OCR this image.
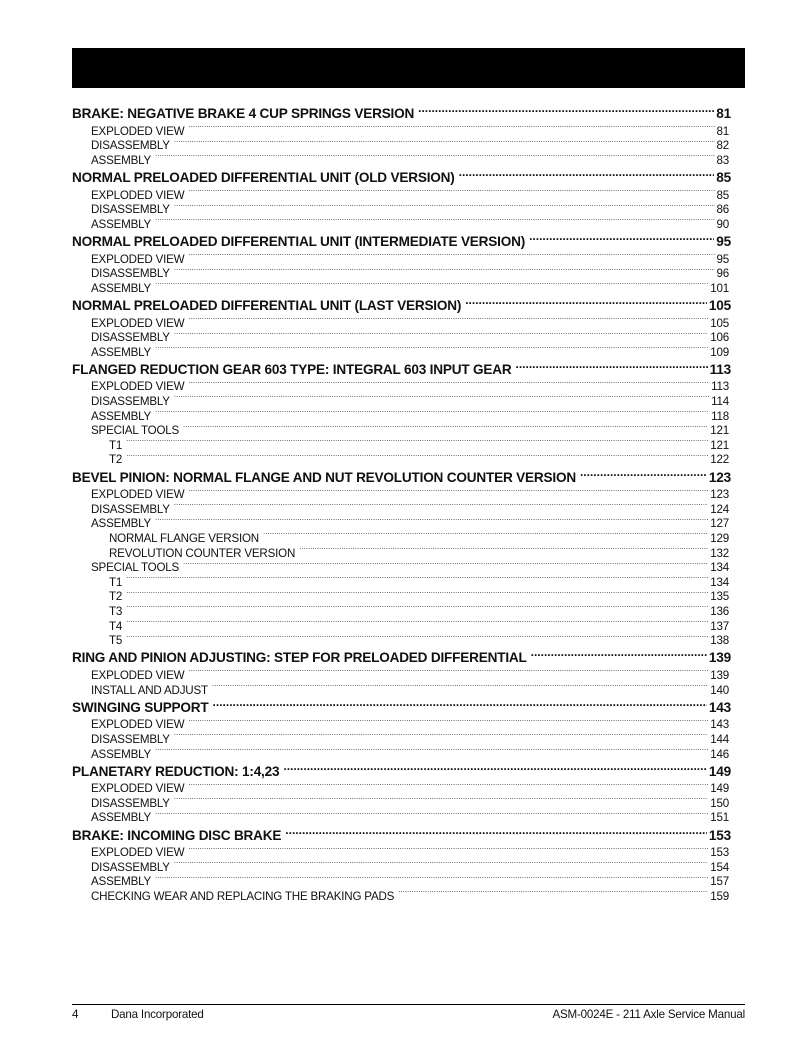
BRAKE: NEGATIVE BRAKE 4 CUP SPRINGS VERSION .....	81
EXPLODED VIEW .....	81
DISASSEMBLY .....	82
ASSEMBLY .....	83
NORMAL PRELOADED DIFFERENTIAL UNIT (OLD VERSION) .....	85
EXPLODED VIEW .....	85
DISASSEMBLY .....	86
ASSEMBLY .....	90
NORMAL PRELOADED DIFFERENTIAL UNIT (INTERMEDIATE VERSION) .....	95
EXPLODED VIEW .....	95
DISASSEMBLY .....	96
ASSEMBLY .....	101
NORMAL PRELOADED DIFFERENTIAL UNIT (LAST VERSION) .....	105
EXPLODED VIEW .....	105
DISASSEMBLY .....	106
ASSEMBLY .....	109
FLANGED REDUCTION GEAR 603 TYPE: INTEGRAL 603 INPUT GEAR .....	113
EXPLODED VIEW .....	113
DISASSEMBLY .....	114
ASSEMBLY .....	118
SPECIAL TOOLS .....	121
T1 .....	121
T2 .....	122
BEVEL PINION: NORMAL FLANGE AND NUT REVOLUTION COUNTER VERSION .....	123
EXPLODED VIEW .....	123
DISASSEMBLY .....	124
ASSEMBLY .....	127
NORMAL FLANGE VERSION .....	129
REVOLUTION COUNTER VERSION .....	132
SPECIAL TOOLS .....	134
T1 .....	134
T2 .....	135
T3 .....	136
T4 .....	137
T5 .....	138
RING AND PINION ADJUSTING: STEP FOR PRELOADED DIFFERENTIAL .....	139
EXPLODED VIEW .....	139
INSTALL AND ADJUST .....	140
SWINGING SUPPORT .....	143
EXPLODED VIEW .....	143
DISASSEMBLY .....	144
ASSEMBLY .....	146
PLANETARY REDUCTION: 1:4,23 .....	149
EXPLODED VIEW .....	149
DISASSEMBLY .....	150
ASSEMBLY .....	151
BRAKE: INCOMING DISC BRAKE .....	153
EXPLODED VIEW .....	153
DISASSEMBLY .....	154
ASSEMBLY .....	157
CHECKING WEAR AND REPLACING THE BRAKING PADS .....	159
4	Dana Incorporated	ASM-0024E - 211 Axle Service Manual
